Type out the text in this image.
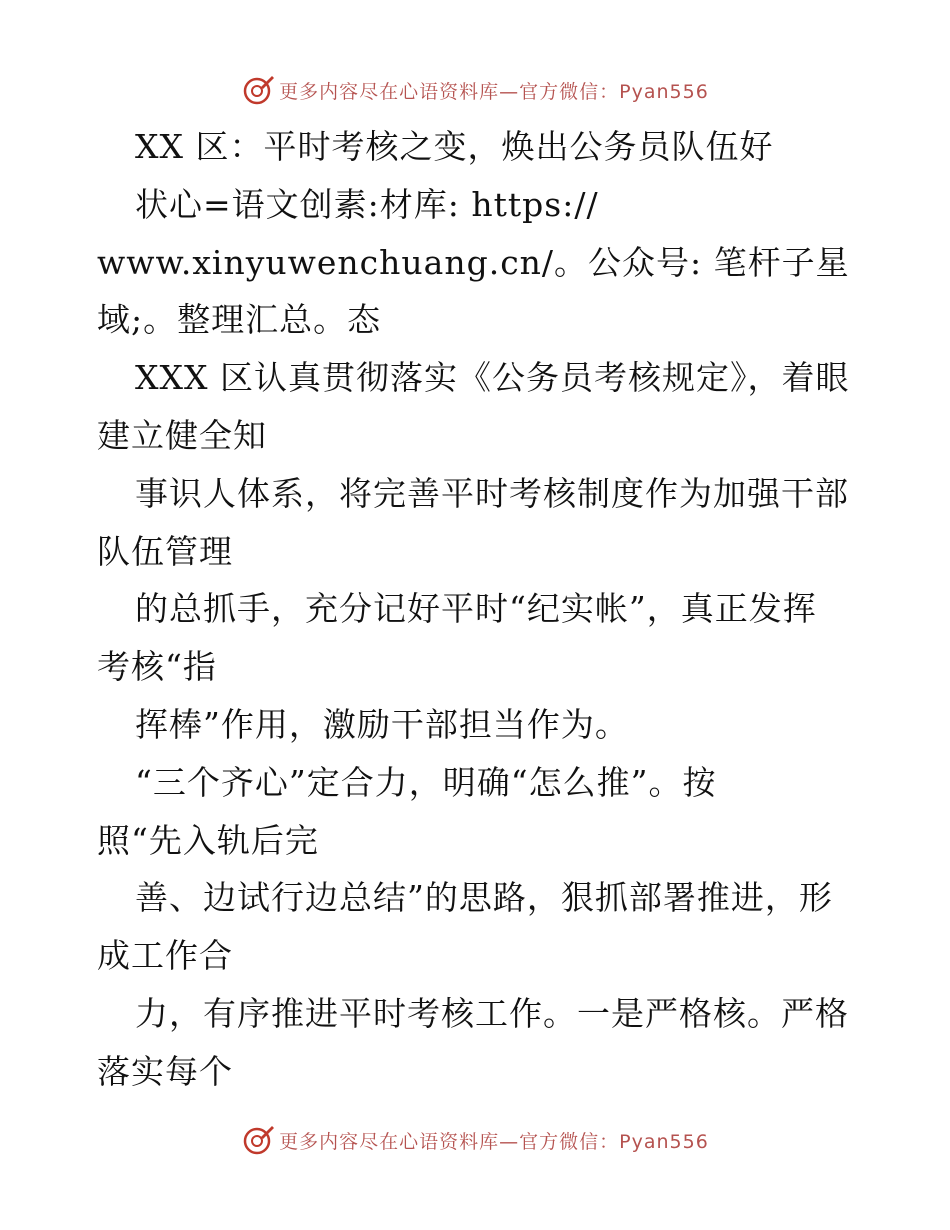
更多内容尽在心语资料库—官方微信：Pyan556
XX 区：平时考核之变，焕出公务员队伍好
状心=语文创素:材库: https://
www.xinyuwenchuang.cn/。公众号: 笔杆子星
域;。整理汇总。态
XXX 区认真贯彻落实《公务员考核规定》，着眼
建立健全知
事识人体系，将完善平时考核制度作为加强干部
队伍管理
的总抓手，充分记好平时“纪实帐”，真正发挥
考核“指
挥棒”作用，激励干部担当作为。
“三个齐心”定合力，明确“怎么推”。按
照“先入轨后完
善、边试行边总结”的思路，狠抓部署推进，形
成工作合
力，有序推进平时考核工作。一是严格核。严格
落实每个
更多内容尽在心语资料库—官方微信：Pyan556
